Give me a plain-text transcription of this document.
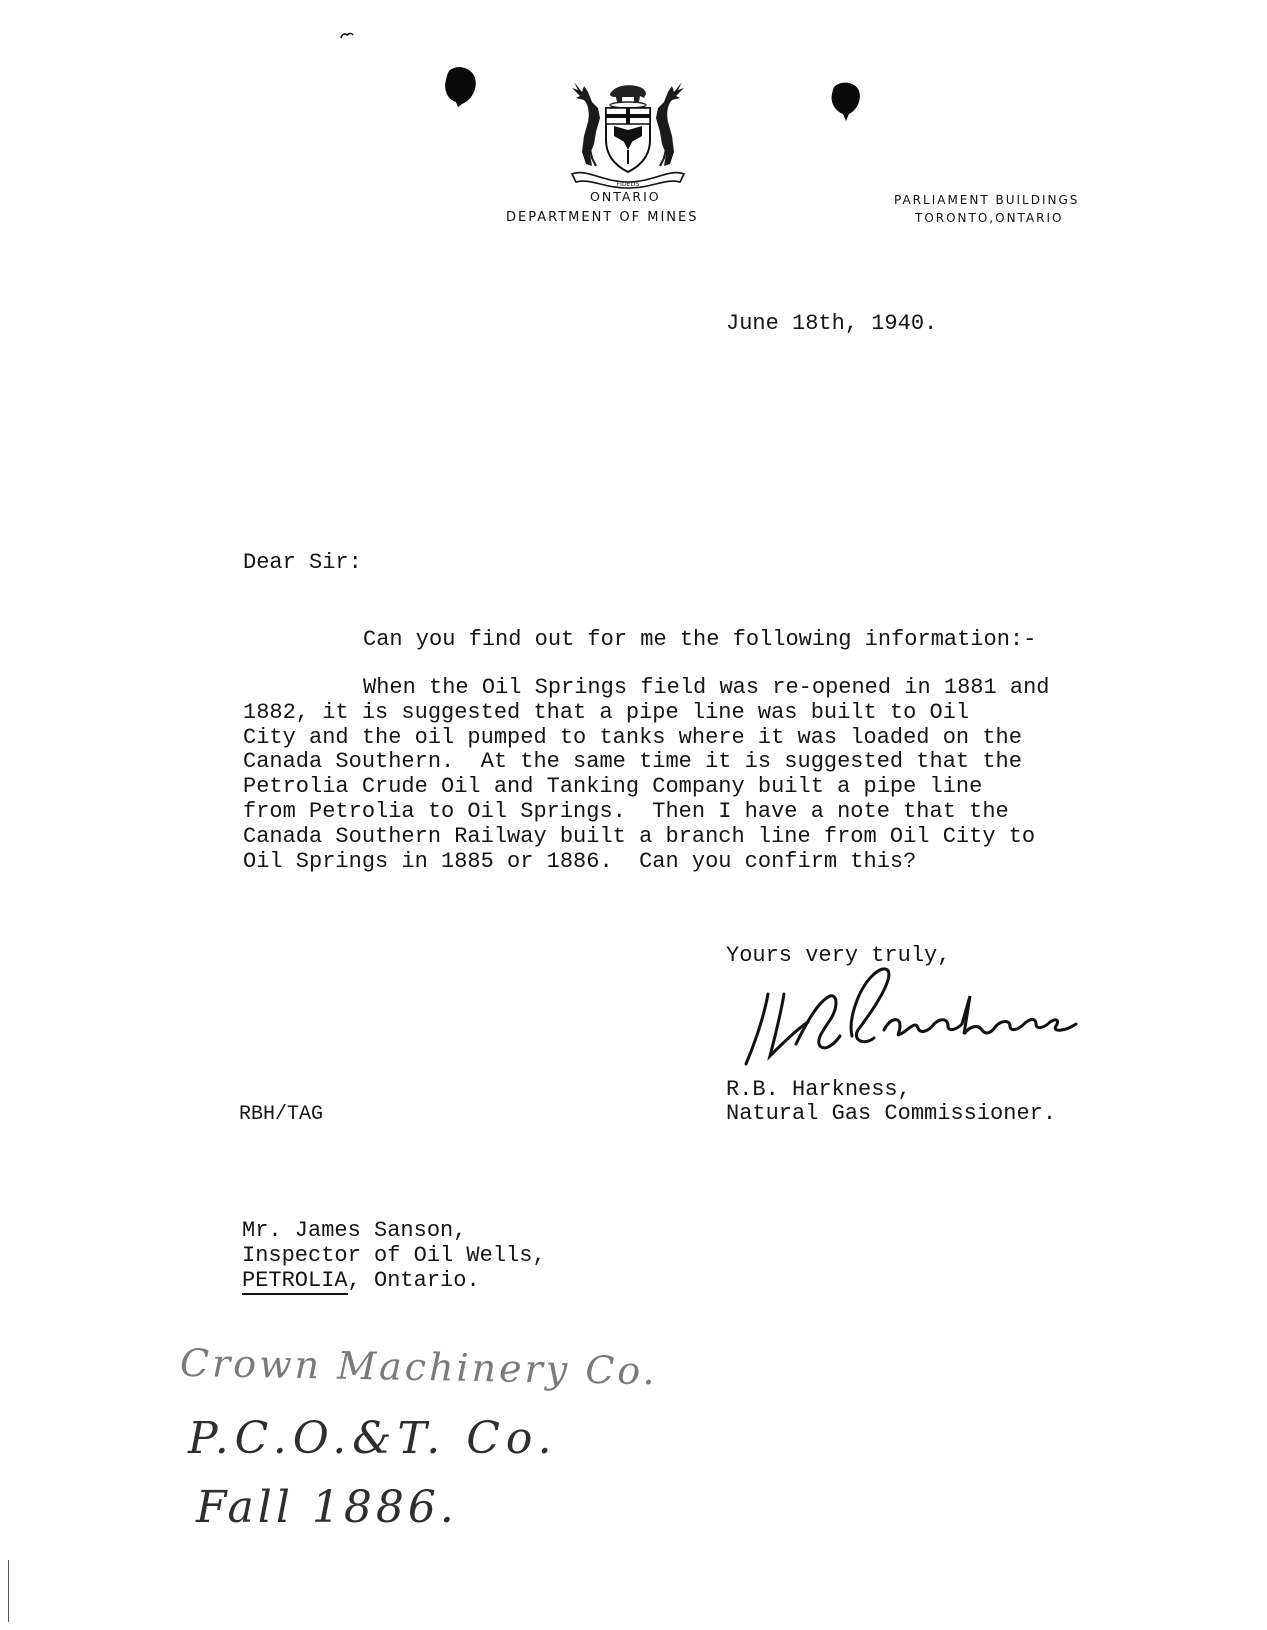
FIDELIS
ONTARIO
DEPARTMENT OF MINES
PARLIAMENT BUILDINGS
TORONTO,ONTARIO
June 18th, 1940.
Dear Sir:
Can you find out for me the following information:-
When the Oil Springs field was re-opened in 1881 and
1882, it is suggested that a pipe line was built to Oil
City and the oil pumped to tanks where it was loaded on the
Canada Southern.  At the same time it is suggested that the
Petrolia Crude Oil and Tanking Company built a pipe line
from Petrolia to Oil Springs.  Then I have a note that the
Canada Southern Railway built a branch line from Oil City to
Oil Springs in 1885 or 1886.  Can you confirm this?
Yours very truly,
R.B. Harkness,
Natural Gas Commissioner.
RBH/TAG
Mr. James Sanson,
Inspector of Oil Wells,
PETROLIA, Ontario.
Crown Machinery Co.
P.C.O.&T. Co.
Fall 1886.
